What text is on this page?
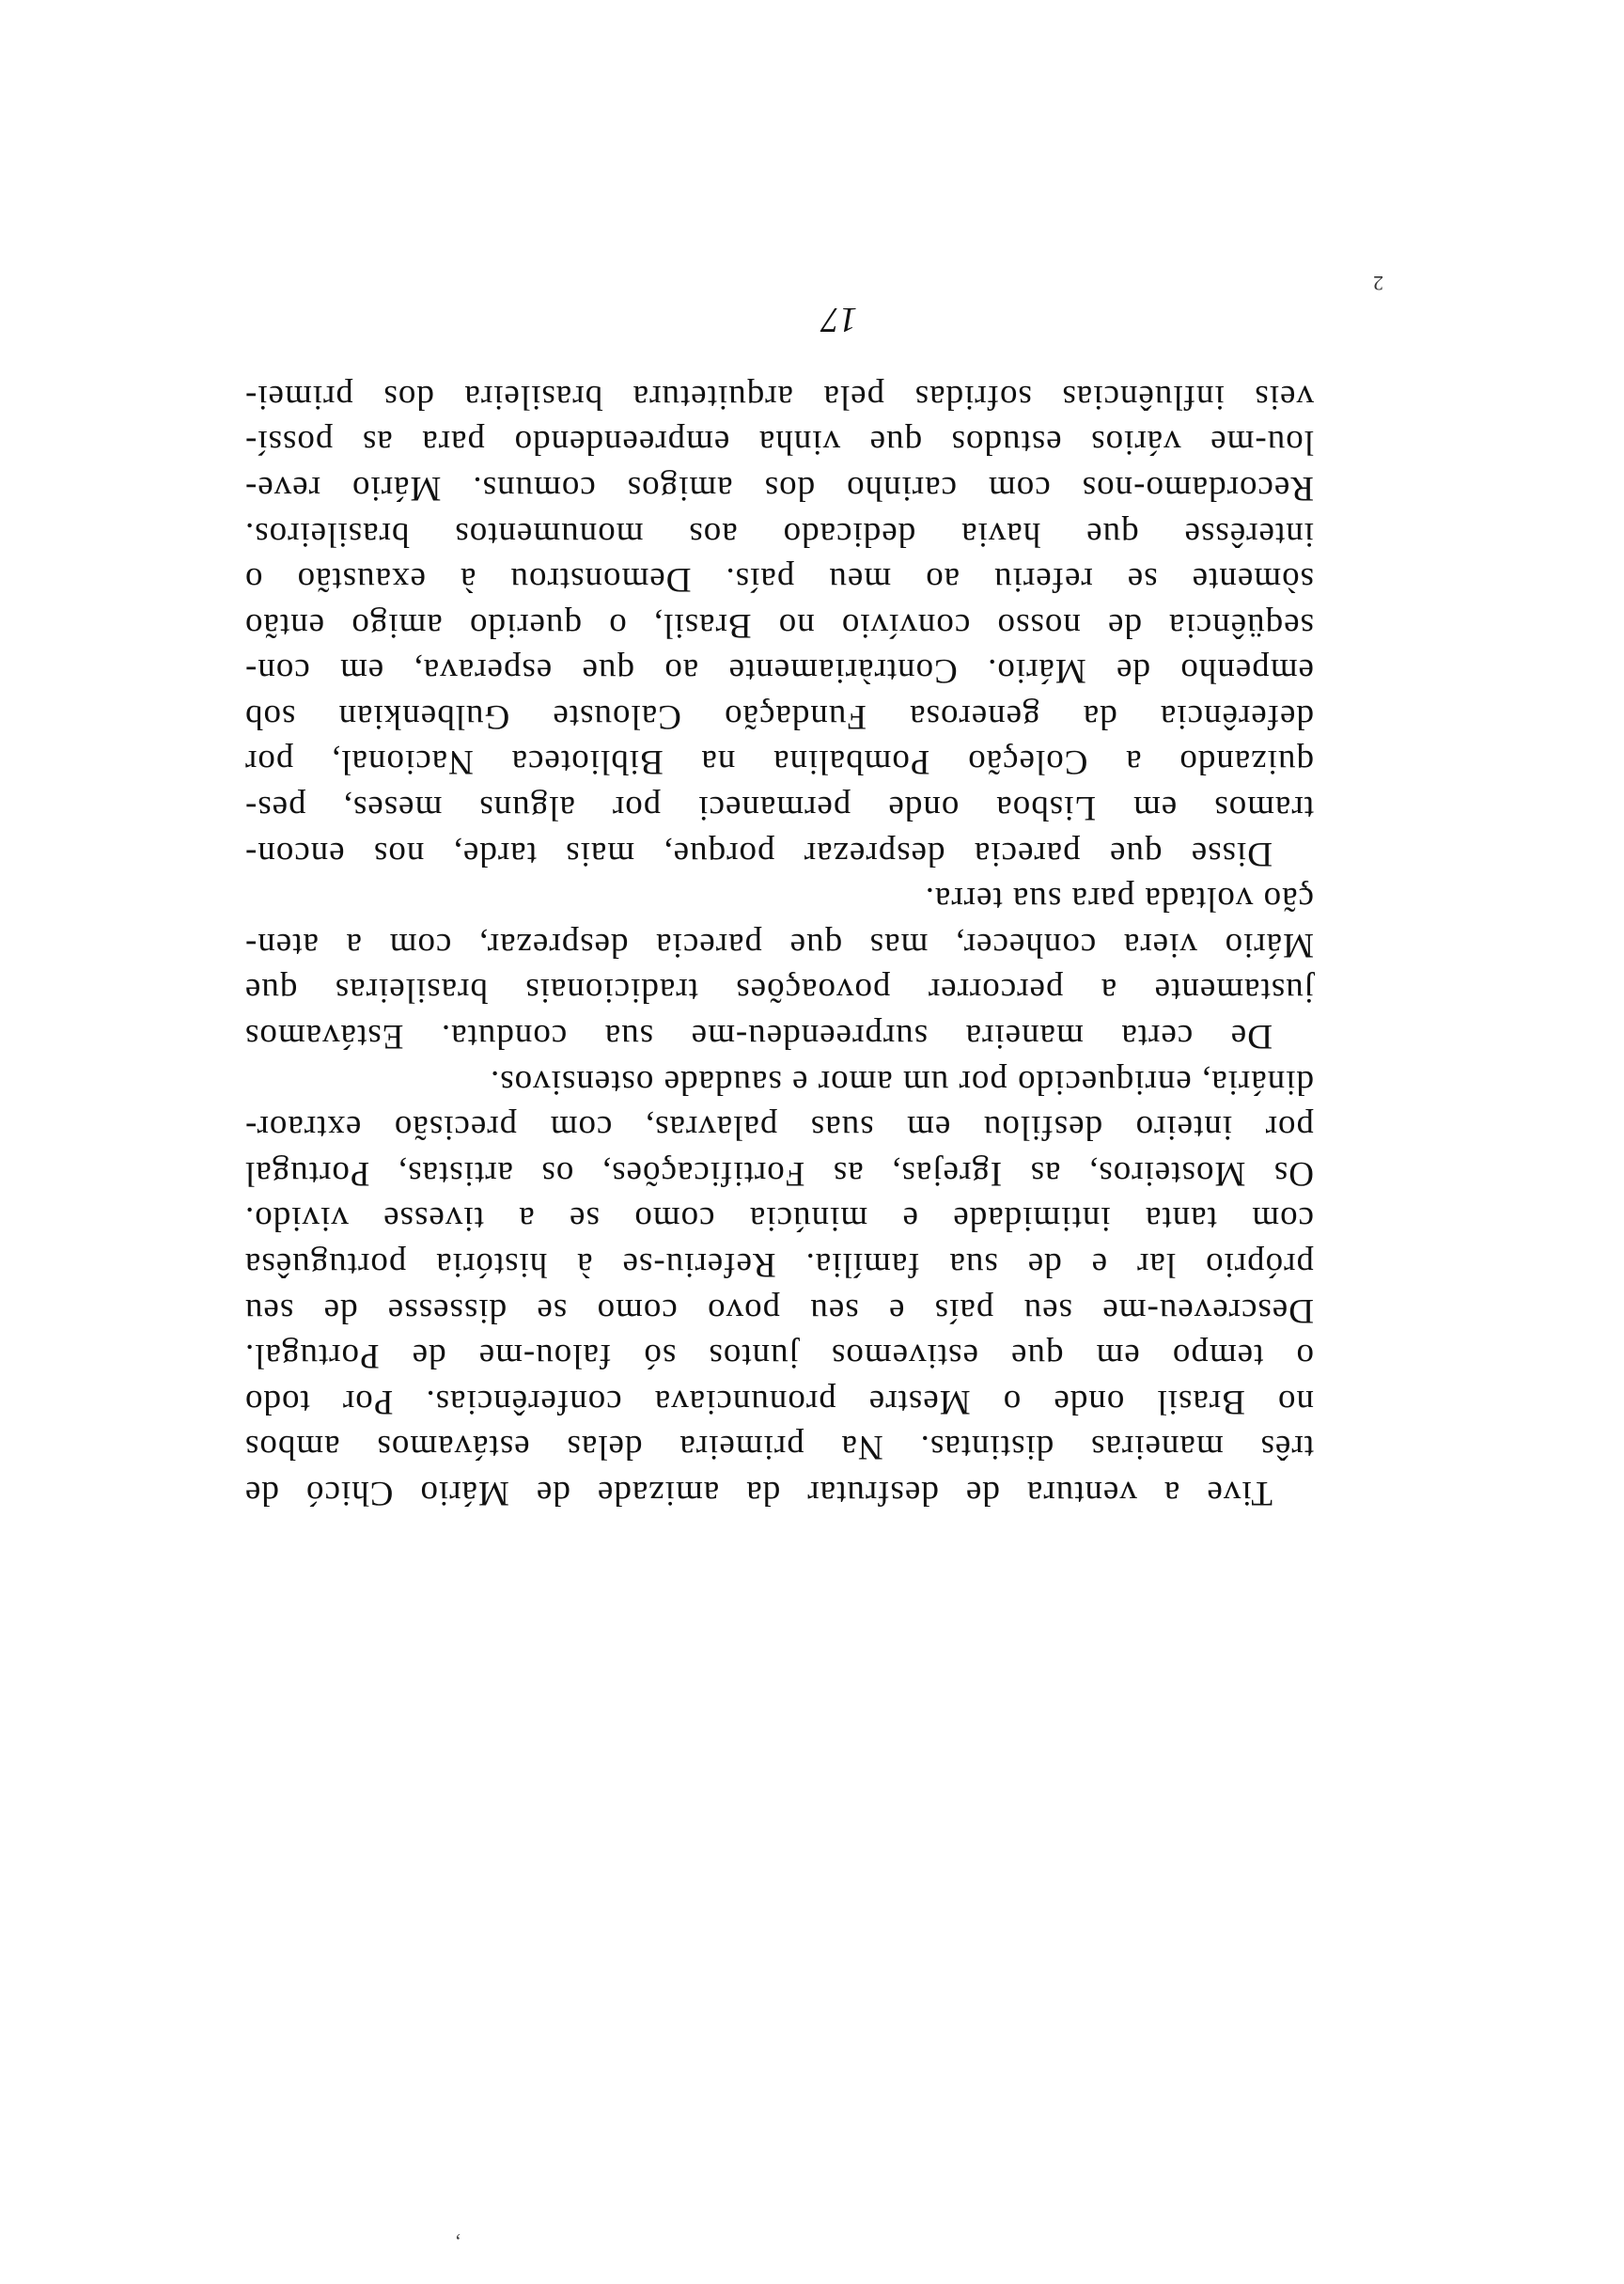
,

Tive a ventura de desfrutar da amizade de Mário Chicó de
três maneiras distintas. Na primeira delas estávamos ambos
no Brasil onde o Mestre pronunciava conferências. Por todo
o tempo em que estivemos juntos só falou-me de Portugal.
Descreveu-me seu país e seu povo como se dissesse de seu
próprio lar e de sua família. Referiu-se à história portuguêsa
com tanta intimidade e minúcia como se a tivesse vivido.
Os Mosteiros, as Igrejas, as Fortificações, os artistas, Portugal
por inteiro desfilou em suas palavras, com precisão extraor-
dinária, enriquecido por um amor e saudade ostensivos.
De certa maneira surpreendeu-me sua conduta. Estávamos
justamente a percorrer povoações tradicionais brasileiras que
Mário viera conhecer, mas que parecia desprezar, com a aten-
ção voltada para sua terra.
Disse que parecia desprezar porque, mais tarde, nos encon-
tramos em Lisboa onde permaneci por alguns meses, pes-
quizando a Coleção Pombalina na Biblioteca Nacional, por
deferência da generosa Fundação Calouste Gulbenkian sob
empenho de Mário. Contràriamente ao que esperava, em con-
seqüência de nosso convívio no Brasil, o querido amigo então
sòmente se referiu ao meu país. Demonstrou à exaustão o
interêsse que havia dedicado aos monumentos brasileiros.
Recordamo-nos com carinho dos amigos comuns. Mário reve-
lou-me vários estudos que vinha empreendendo para as possí-
veis influências sofridas pela arquitetura brasileira dos primei-

17

2
